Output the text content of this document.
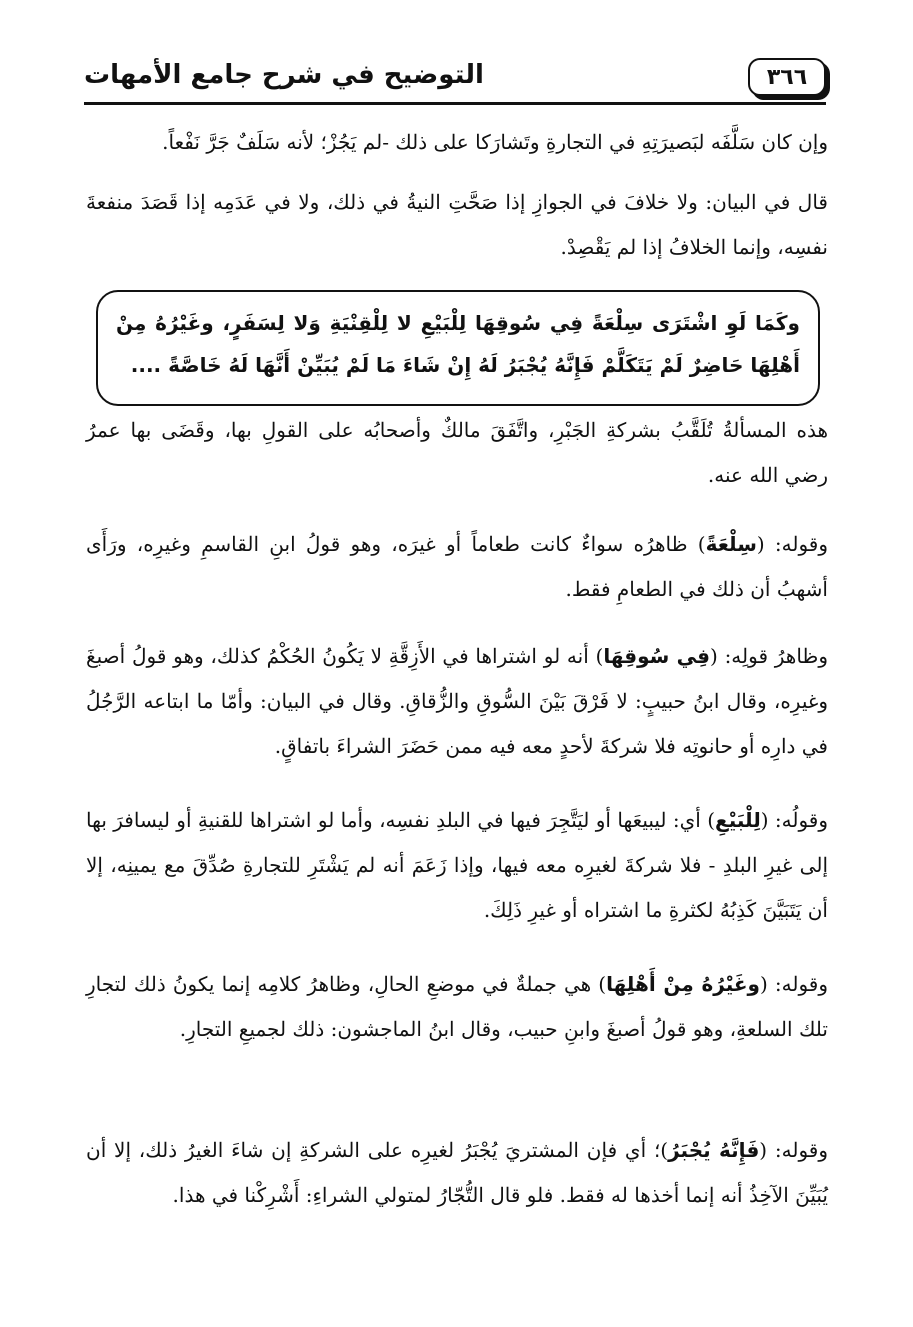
التوضيح في شرح جامع الأمهات	٣٦٦
وإن كان سَلَّفَه لبَصيرَتِهِ في التجارةِ وتَشارَكا على ذلك -لم يَجُزْ؛ لأنه سَلَفٌ جَرَّ نَفْعاً.
قال في البيان: ولا خلافَ في الجوازِ إذا صَحَّتِ النيةُ في ذلك، ولا في عَدَمِه إذا قَصَدَ منفعةَ نفسِه، وإنما الخلافُ إذا لم يَقْصِدْ.
وكَمَا لَوِ اشْتَرَى سِلْعَةً فِي سُوقِهَا لِلْبَيْعِ لا لِلْقِنْيَةِ وَلا لِسَفَرٍ، وغَيْرُهُ مِنْ أَهْلِهَا حَاضِرٌ لَمْ يَتَكَلَّمْ فَإِنَّهُ يُجْبَرُ لَهُ إِنْ شَاءَ مَا لَمْ يُبَيِّنْ أَنَّهَا لَهُ خَاصَّةً ....
هذه المسألةُ تُلَقَّبُ بشركةِ الجَبْرِ، واتَّفَقَ مالكٌ وأصحابُه على القولِ بها، وقَضَى بها عمرُ رضي الله عنه.
وقوله: (سِلْعَةً) ظاهرُه سواءٌ كانت طعاماً أو غيرَه، وهو قولُ ابنِ القاسمِ وغيرِه، ورَأَى أشهبُ أن ذلك في الطعامِ فقط.
وظاهرُ قولِه: (فِي سُوقِهَا) أنه لو اشتراها في الأَزِقَّةِ لا يَكُونُ الحُكْمُ كذلك، وهو قولُ أصبغَ وغيرِه، وقال ابنُ حبيبٍ: لا فَرْقَ بَيْنَ السُّوقِ والزُّقاقِ. وقال في البيان: وأمّا ما ابتاعه الرَّجُلُ في دارِه أو حانوتِه فلا شركةَ لأحدٍ معه فيه ممن حَضَرَ الشراءَ باتفاقٍ.
وقولُه: (لِلْبَيْعِ) أي: ليبيعَها أو ليَتَّجِرَ فيها في البلدِ نفسِه، وأما لو اشتراها للقنيةِ أو ليسافرَ بها إلى غيرِ البلدِ - فلا شركةَ لغيرِه معه فيها، وإذا زَعَمَ أنه لم يَشْتَرِ للتجارةِ صُدِّقَ مع يمينِه، إلا أن يَتَبَيَّنَ كَذِبُهُ لكثرةِ ما اشتراه أو غيرِ ذَلِكَ.
وقوله: (وغَيْرُهُ مِنْ أَهْلِهَا) هي جملةٌ في موضعِ الحالِ، وظاهرُ كلامِه إنما يكونُ ذلك لتجارِ تلك السلعةِ، وهو قولُ أصبغَ وابنِ حبيب، وقال ابنُ الماجشون: ذلك لجميعِ التجارِ.
وقوله: (فَإِنَّهُ يُجْبَرُ)؛ أي فإن المشتريَ يُجْبَرُ لغيرِه على الشركةِ إن شاءَ الغيرُ ذلك، إلا أن يُبَيِّنَ الآخِذُ أنه إنما أخذها له فقط. فلو قال التُّجّارُ لمتولي الشراءِ: أَشْرِكْنا في هذا.
